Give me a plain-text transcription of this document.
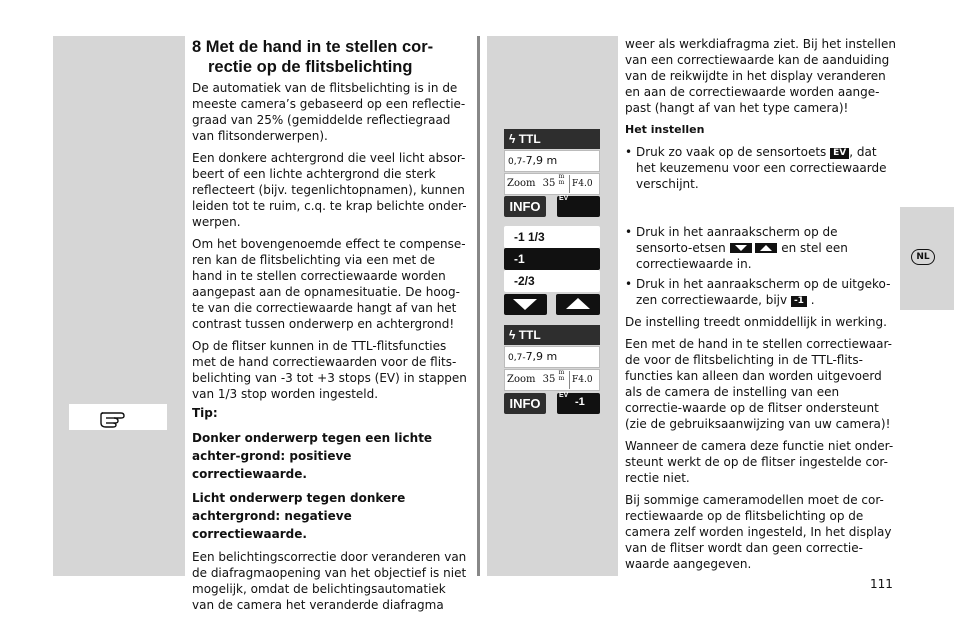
NL
8 Met de hand in te stellen cor-
rectie op de flitsbelichting

De automatiek van de flitsbelichting is in de meeste camera’s gebaseerd op een reflectie-graad van 25% (gemiddelde reflectiegraad van flitsonderwerpen).

Een donkere achtergrond die veel licht absor-beert of een lichte achtergrond die sterk reflecteert (bijv. tegenlichtopnamen), kunnen leiden tot te ruim, c.q. te krap belichte onder-werpen.

Om het bovengenoemde effect te compense-ren kan de flitsbelichting via een met de hand in te stellen correctiewaarde worden aangepast aan de opnamesituatie. De hoog-te van die correctiewaarde hangt af van het contrast tussen onderwerp en achtergrond!

Op de flitser kunnen in de TTL-flitsfuncties met de hand correctiewaarden voor de flits-belichting van -3 tot +3 stops (EV) in stappen van 1/3 stop worden ingesteld.

Tip:

Donker onderwerp tegen een lichte achter-grond: positieve correctiewaarde.

Licht onderwerp tegen donkere achtergrond: negatieve correctiewaarde.

Een belichtingscorrectie door veranderen van de diafragmaopening van het objectief is niet mogelijk, omdat de belichtingsautomatiek van de camera het veranderde diafragma

ϟ TTL
0,7-7,9 m
Zoom 35 m
m F4.0
INFO
EV
-1 1/3
-1
-2/3
ϟ TTL
0,7-7,9 m
Zoom 35 m
m F4.0
INFO
EV
-1

weer als werkdiafragma ziet. Bij het instellen van een correctiewaarde kan de aanduiding van de reikwijdte in het display veranderen en aan de correctiewaarde worden aange-past (hangt af van het type camera)!

Het instellen

• Druk zo vaak op de sensortoets EV , dat het keuzemenu voor een correctiewaarde verschijnt.

• Druk in het aanraakscherm op de sensorto-etsen
	en stel een correctiewaarde in.

• Druk in het aanraakscherm op de uitgeko-zen correctiewaarde, bijv -1 .

De instelling treedt onmiddellijk in werking.

Een met de hand in te stellen correctiewaar-de voor de flitsbelichting in de TTL-flits-functies kan alleen dan worden uitgevoerd als de camera de instelling van een correctie-waarde op de flitser ondersteunt (zie de gebruiksaanwijzing van uw camera)!

Wanneer de camera deze functie niet onder-steunt werkt de op de flitser ingestelde cor-rectie niet.

Bij sommige cameramodellen moet de cor-rectiewaarde op de flitsbelichting op de camera zelf worden ingesteld, In het display van de flitser wordt dan geen correctie-waarde aangegeven.

111
